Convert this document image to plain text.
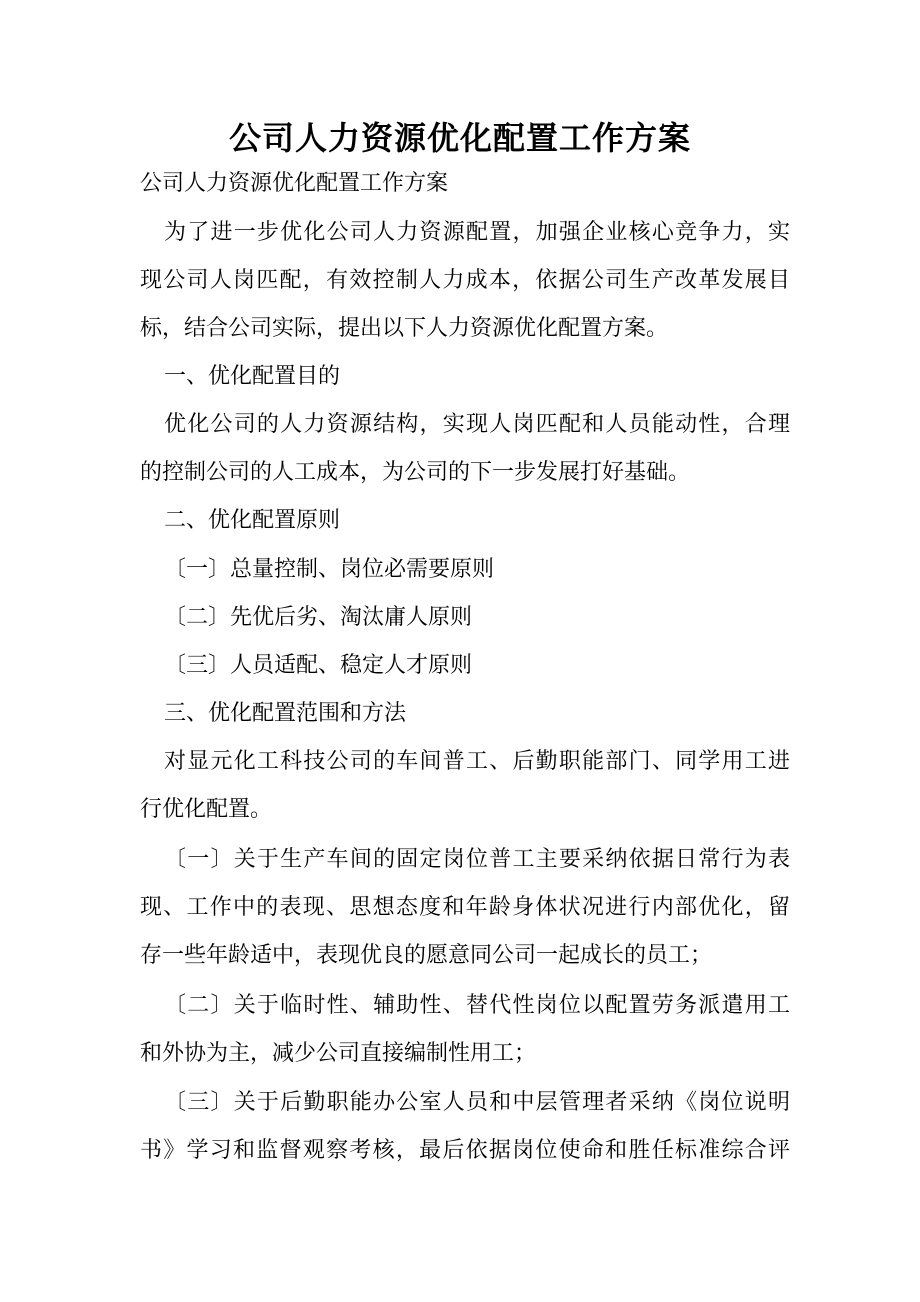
公司人力资源优化配置工作方案
公司人力资源优化配置工作方案
为了进一步优化公司人力资源配置，加强企业核心竞争力，实
现公司人岗匹配，有效控制人力成本，依据公司生产改革发展目
标，结合公司实际，提出以下人力资源优化配置方案。
一、优化配置目的
优化公司的人力资源结构，实现人岗匹配和人员能动性，合理
的控制公司的人工成本，为公司的下一步发展打好基础。
二、优化配置原则
〔一〕总量控制、岗位必需要原则
〔二〕先优后劣、淘汰庸人原则
〔三〕人员适配、稳定人才原则
三、优化配置范围和方法
对显元化工科技公司的车间普工、后勤职能部门、同学用工进
行优化配置。
〔一〕关于生产车间的固定岗位普工主要采纳依据日常行为表
现、工作中的表现、思想态度和年龄身体状况进行内部优化，留
存一些年龄适中，表现优良的愿意同公司一起成长的员工；
〔二〕关于临时性、辅助性、替代性岗位以配置劳务派遣用工
和外协为主，减少公司直接编制性用工；
〔三〕关于后勤职能办公室人员和中层管理者采纳《岗位说明
书》学习和监督观察考核，最后依据岗位使命和胜任标准综合评
